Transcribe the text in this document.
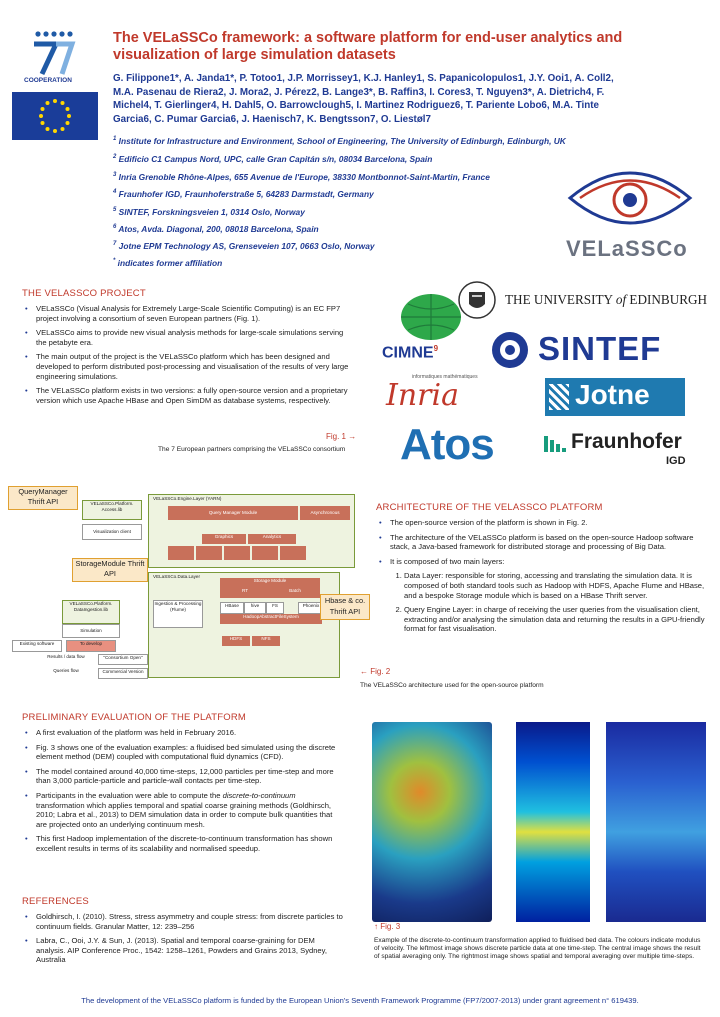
COOPERATION
The VELaSSCo framework: a software platform for end-user analytics and visualization of large simulation datasets
G. Filippone1*, A. Janda1*, P. Totoo1, J.P. Morrissey1, K.J. Hanley1, S. Papanicolopulos1, J.Y. Ooi1, A. Coll2, M.A. Pasenau de Riera2, J. Mora2, J. Pérez2, B. Lange3*, B. Raffin3, I. Cores3, T. Nguyen3*, A. Dietrich4, F. Michel4, T. Gierlinger4, H. Dahl5, O. Barrowclough5, I. Martinez Rodriguez6, T. Pariente Lobo6, M.A. Tinte Garcia6, C. Pumar Garcia6, J. Haenisch7, K. Bengtsson7, O. Liestøl7
$^1$ Institute for Infrastructure and Environment, School of Engineering, The University of Edinburgh, Edinburgh, UK
$^2$ Edificio C1 Campus Nord, UPC, calle Gran Capitán s/n, 08034 Barcelona, Spain
$^3$ Inria Grenoble Rhône-Alpes, 655 Avenue de l'Europe, 38330 Montbonnot-Saint-Martin, France
$^4$ Fraunhofer IGD, Fraunhoferstraße 5, 64283 Darmstadt, Germany
$^5$ SINTEF, Forskningsveien 1, 0314 Oslo, Norway
$^6$ Atos, Avda. Diagonal, 200, 08018 Barcelona, Spain
$^7$ Jotne EPM Technology AS, Grenseveien 107, 0663 Oslo, Norway
* indicates former affiliation
VELaSSCo
THE VELASSCO PROJECT
• VELaSSCo (Visual Analysis for Extremely Large-Scale Scientific Computing) is an EC FP7 project involving a consortium of seven European partners (Fig. 1).
• VELaSSCo aims to provide new visual analysis methods for large-scale simulations serving the petabyte era.
• The main output of the project is the VELaSSCo platform which has been designed and developed to perform distributed post-processing and visualisation of the results of very large engineering simulations.
• The VELaSSCo platform exists in two versions: a fully open-source version and a proprietary version which use Apache HBase and Open SimDM as database systems, respectively.
Fig. 1 →
The 7 European partners comprising the VELaSSCo consortium
CIMNE$^9$
THE UNIVERSITY of EDINBURGH
SINTEF
informatiques mathématiques
Inria	Jotne
Atos	Fraunhofer
IGD
QueryManager Thrift API	VELaSSCo.Engine.Layer (YARN)
Query Manager Module	Asynchronous
Graphics	Analytics
VELaSSCo.Platform. Access.lib
Visualization client
StorageModule Thrift API	VELaSSCo.Data.Layer
VELaSSCo.Platform. DataIngestion.lib
Simulation
Ingestion & Processing (Flume)
Storage Module
RT	Batch
HBase	hive	FS	Phoenix
HadoopAbstractFileSystem
HDFS	NFS
Hbase & co. Thrift API
Existing software	To develop
Results / data flow
Queries flow
"Consortium Open"
Commercial Version
ARCHITECTURE OF THE VELASSCO PLATFORM
• The open-source version of the platform is shown in Fig. 2.
• The architecture of the VELaSSCo platform is based on the open-source Hadoop software stack, a Java-based framework for distributed storage and processing of Big Data.
• It is composed of two main layers:
1. Data Layer: responsible for storing, accessing and translating the simulation data. It is composed of both standard tools such as Hadoop with HDFS, Apache Flume and HBase, and a bespoke Storage module which is based on a HBase Thrift server.
2. Query Engine Layer: in charge of receiving the user queries from the visualisation client, extracting and/or analysing the simulation data and returning the results in a GPU-friendly format for fast visualisation.
← Fig. 2
The VELaSSCo architecture used for the open-source platform
PRELIMINARY EVALUATION OF THE PLATFORM
• A first evaluation of the platform was held in February 2016.
• Fig. 3 shows one of the evaluation examples: a fluidised bed simulated using the discrete element method (DEM) coupled with computational fluid dynamics (CFD).
• The model contained around 40,000 time-steps, 12,000 particles per time-step and more than 3,000 particle-particle and particle-wall contacts per time-step.
• Participants in the evaluation were able to compute the discrete-to-continuum transformation which applies temporal and spatial coarse graining methods (Goldhirsch, 2010; Labra et al., 2013) to DEM simulation data in order to compute bulk quantities that are projected onto an underlying continuum mesh.
• This first Hadoop implementation of the discrete-to-continuum transformation has shown excellent results in terms of its scalability and normalised speedup.
↑ Fig. 3
Example of the discrete-to-continuum transformation applied to fluidised bed data. The colours indicate modulus of velocity. The leftmost image shows discrete particle data at one time-step. The central image shows the result of spatial averaging only. The rightmost image shows spatial and temporal averaging over multiple time-steps.
REFERENCES
• Goldhirsch, I. (2010). Stress, stress asymmetry and couple stress: from discrete particles to continuum fields. Granular Matter, 12: 239–256
• Labra, C., Ooi, J.Y. & Sun, J. (2013). Spatial and temporal coarse-graining for DEM analysis. AIP Conference Proc., 1542: 1258–1261, Powders and Grains 2013, Sydney, Australia
The development of the VELaSSCo platform is funded by the European Union's Seventh Framework Programme (FP7/2007-2013) under grant agreement n° 619439.
